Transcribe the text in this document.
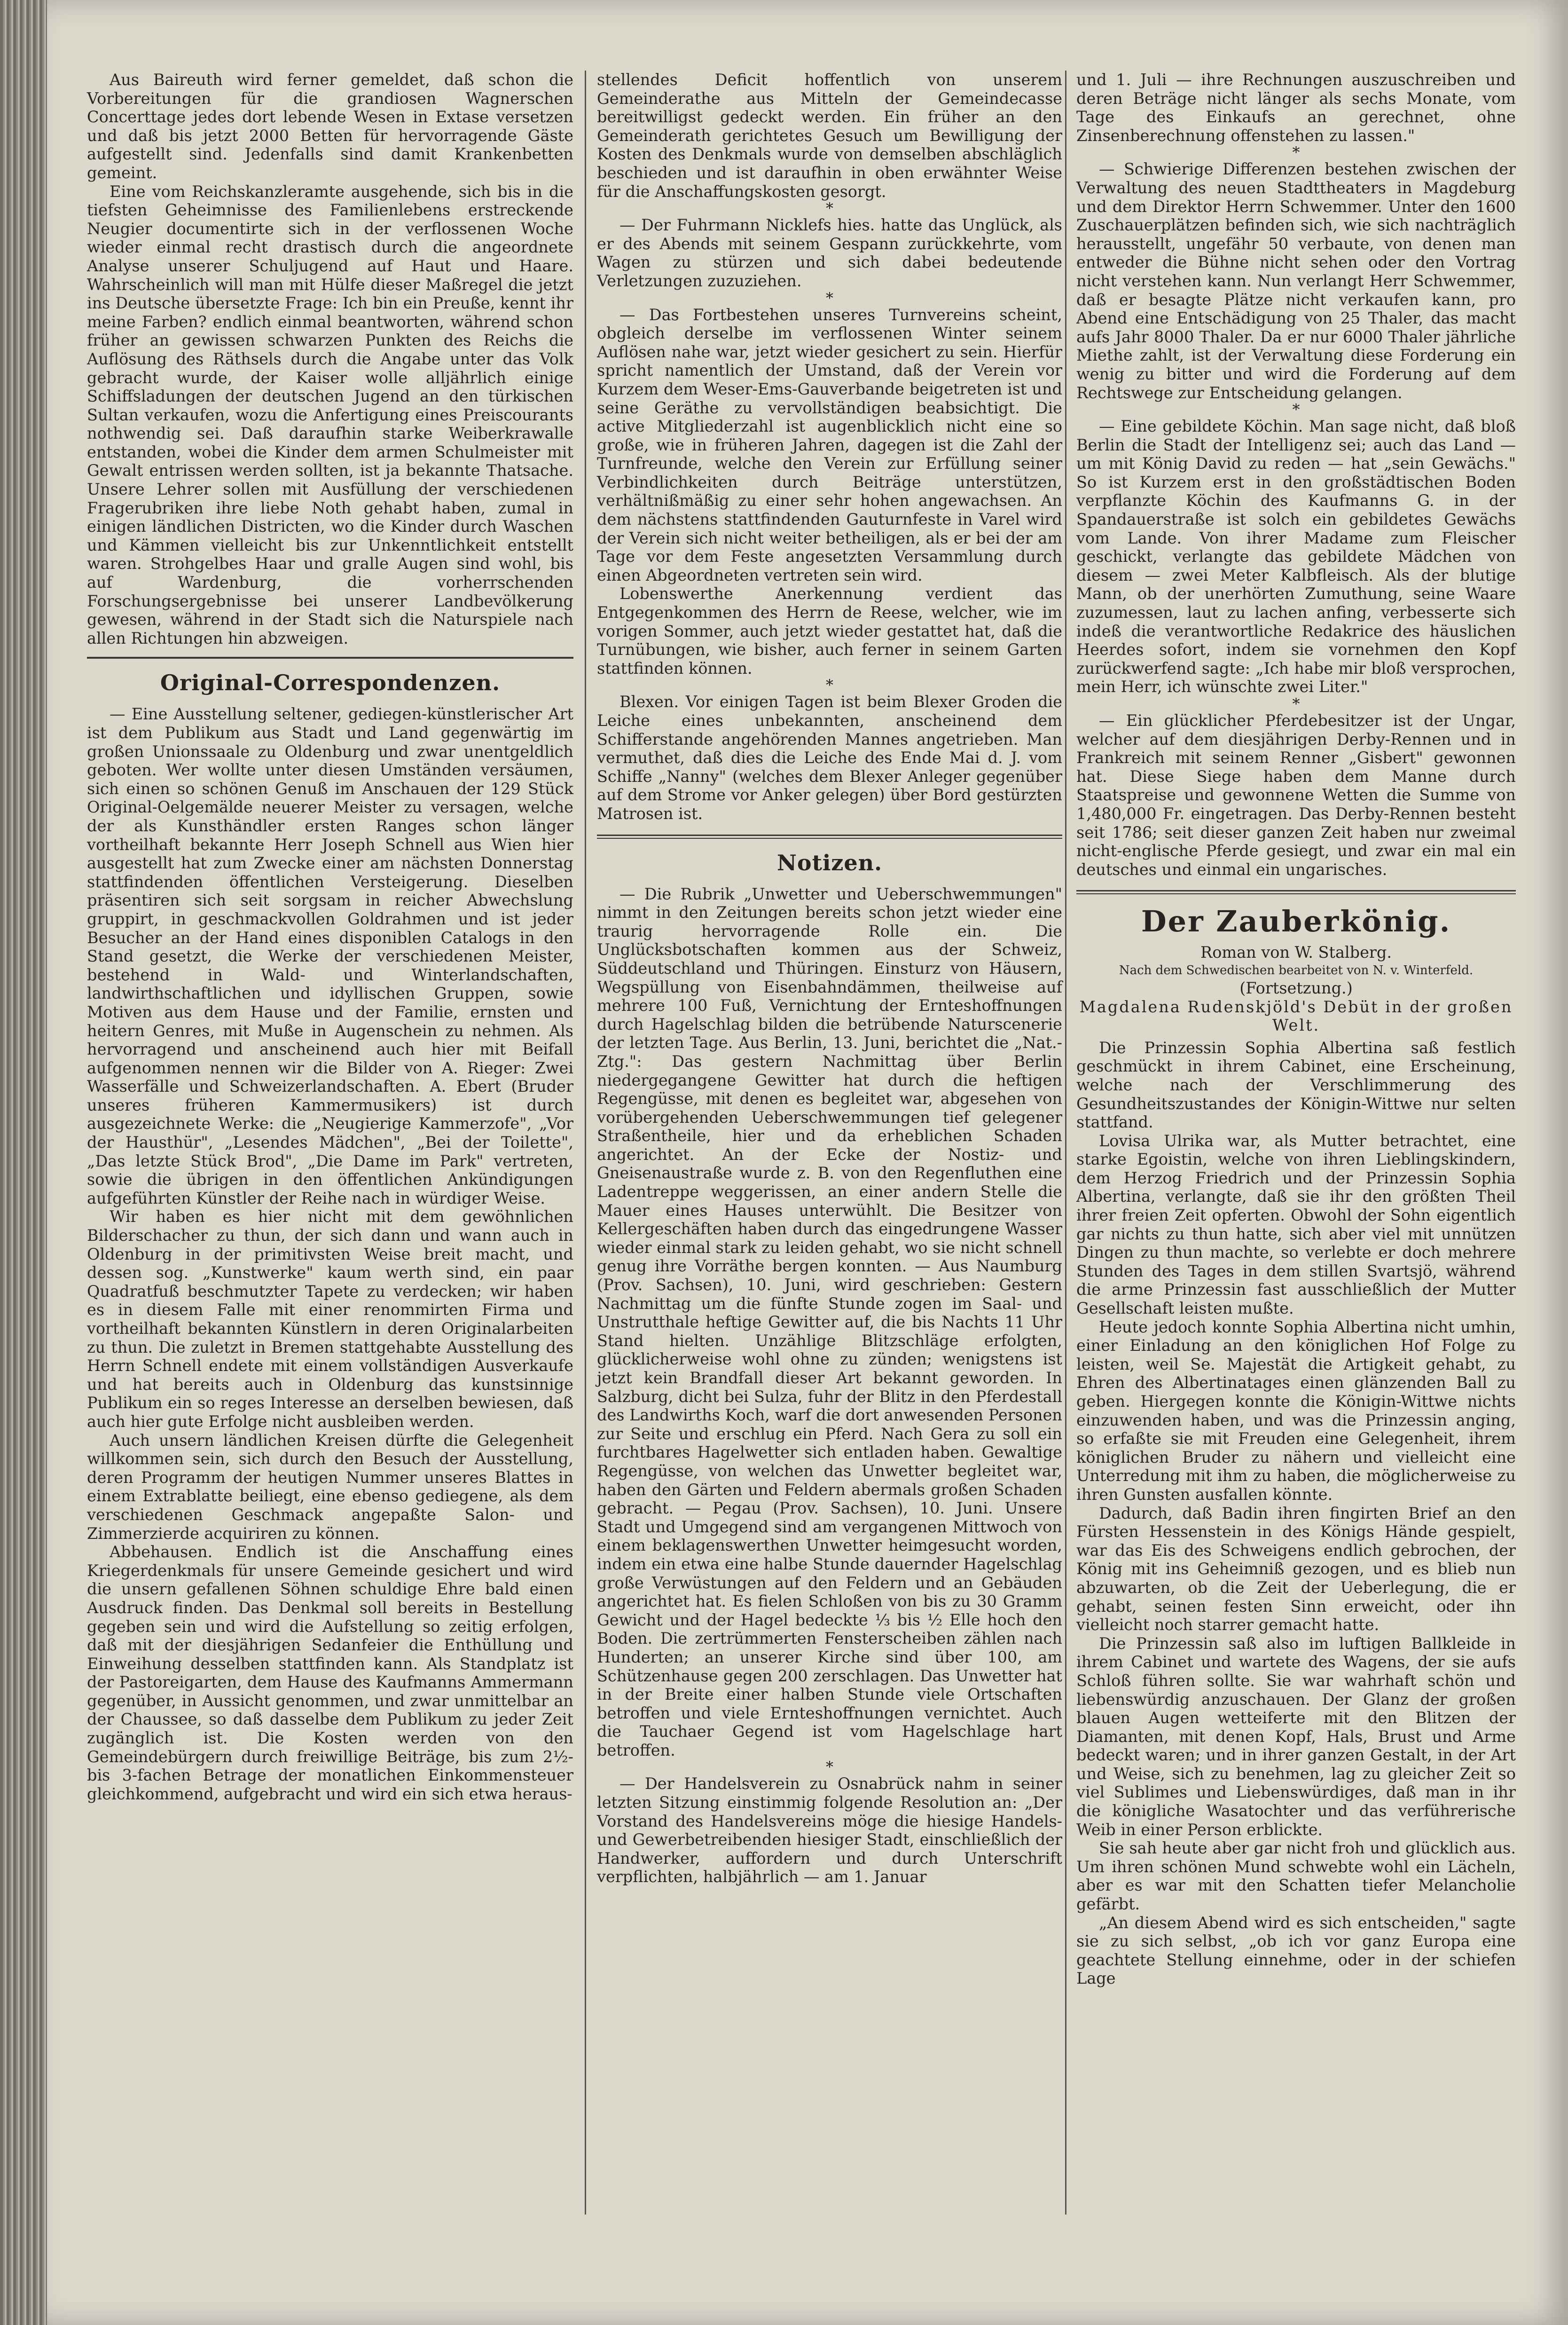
Aus Baireuth wird ferner gemeldet, daß schon die Vorbereitungen für die grandiosen Wagnerschen Concerttage jedes dort lebende Wesen in Extase versetzen und daß bis jetzt 2000 Betten für hervorragende Gäste aufgestellt sind. Jedenfalls sind damit Krankenbetten gemeint.

Eine vom Reichskanzleramte ausgehende, sich bis in die tiefsten Geheimnisse des Familienlebens erstreckende Neugier documentirte sich in der verflossenen Woche wieder einmal recht drastisch durch die angeordnete Analyse unserer Schuljugend auf Haut und Haare. Wahrscheinlich will man mit Hülfe dieser Maßregel die jetzt ins Deutsche übersetzte Frage: Ich bin ein Preuße, kennt ihr meine Farben? endlich einmal beantworten, während schon früher an gewissen schwarzen Punkten des Reichs die Auflösung des Räthsels durch die Angabe unter das Volk gebracht wurde, der Kaiser wolle alljährlich einige Schiffsladungen der deutschen Jugend an den türkischen Sultan verkaufen, wozu die Anfertigung eines Preiscourants nothwendig sei. Daß daraufhin starke Weiberkrawalle entstanden, wobei die Kinder dem armen Schulmeister mit Gewalt entrissen werden sollten, ist ja bekannte Thatsache. Unsere Lehrer sollen mit Ausfüllung der verschiedenen Fragerubriken ihre liebe Noth gehabt haben, zumal in einigen ländlichen Districten, wo die Kinder durch Waschen und Kämmen vielleicht bis zur Unkenntlichkeit entstellt waren. Strohgelbes Haar und gralle Augen sind wohl, bis auf Wardenburg, die vorherrschenden Forschungsergebnisse bei unserer Landbevölkerung gewesen, während in der Stadt sich die Naturspiele nach allen Richtungen hin abzweigen.

Original-Correspondenzen.

— Eine Ausstellung seltener, gediegen-künstlerischer Art ist dem Publikum aus Stadt und Land gegenwärtig im großen Unionssaale zu Oldenburg und zwar unentgeldlich geboten. Wer wollte unter diesen Umständen versäumen, sich einen so schönen Genuß im Anschauen der 129 Stück Original-Oelgemälde neuerer Meister zu versagen, welche der als Kunsthändler ersten Ranges schon länger vortheilhaft bekannte Herr Joseph Schnell aus Wien hier ausgestellt hat zum Zwecke einer am nächsten Donnerstag stattfindenden öffentlichen Versteigerung. Dieselben präsentiren sich seit sorgsam in reicher Abwechslung gruppirt, in geschmackvollen Goldrahmen und ist jeder Besucher an der Hand eines disponiblen Catalogs in den Stand gesetzt, die Werke der verschiedenen Meister, bestehend in Wald- und Winterlandschaften, landwirthschaftlichen und idyllischen Gruppen, sowie Motiven aus dem Hause und der Familie, ernsten und heitern Genres, mit Muße in Augenschein zu nehmen. Als hervorragend und anscheinend auch hier mit Beifall aufgenommen nennen wir die Bilder von A. Rieger: Zwei Wasserfälle und Schweizerlandschaften. A. Ebert (Bruder unseres früheren Kammermusikers) ist durch ausgezeichnete Werke: die „Neugierige Kammerzofe", „Vor der Hausthür", „Lesendes Mädchen", „Bei der Toilette", „Das letzte Stück Brod", „Die Dame im Park" vertreten, sowie die übrigen in den öffentlichen Ankündigungen aufgeführten Künstler der Reihe nach in würdiger Weise.

Wir haben es hier nicht mit dem gewöhnlichen Bilderschacher zu thun, der sich dann und wann auch in Oldenburg in der primitivsten Weise breit macht, und dessen sog. „Kunstwerke" kaum werth sind, ein paar Quadratfuß beschmutzter Tapete zu verdecken; wir haben es in diesem Falle mit einer renommirten Firma und vortheilhaft bekannten Künstlern in deren Originalarbeiten zu thun. Die zuletzt in Bremen stattgehabte Ausstellung des Herrn Schnell endete mit einem vollständigen Ausverkaufe und hat bereits auch in Oldenburg das kunstsinnige Publikum ein so reges Interesse an derselben bewiesen, daß auch hier gute Erfolge nicht ausbleiben werden.

Auch unsern ländlichen Kreisen dürfte die Gelegenheit willkommen sein, sich durch den Besuch der Ausstellung, deren Programm der heutigen Nummer unseres Blattes in einem Extrablatte beiliegt, eine ebenso gediegene, als dem verschiedenen Geschmack angepaßte Salon- und Zimmerzierde acquiriren zu können.

Abbehausen. Endlich ist die Anschaffung eines Kriegerdenkmals für unsere Gemeinde gesichert und wird die unsern gefallenen Söhnen schuldige Ehre bald einen Ausdruck finden. Das Denkmal soll bereits in Bestellung gegeben sein und wird die Aufstellung so zeitig erfolgen, daß mit der diesjährigen Sedanfeier die Enthüllung und Einweihung desselben stattfinden kann. Als Standplatz ist der Pastoreigarten, dem Hause des Kaufmanns Ammermann gegenüber, in Aussicht genommen, und zwar unmittelbar an der Chaussee, so daß dasselbe dem Publikum zu jeder Zeit zugänglich ist. Die Kosten werden von den Gemeindebürgern durch freiwillige Beiträge, bis zum 2½- bis 3-fachen Betrage der monatlichen Einkommensteuer gleichkommend, aufgebracht und wird ein sich etwa heraus-

stellendes Deficit hoffentlich von unserem Gemeinderathe aus Mitteln der Gemeindecasse bereitwilligst gedeckt werden. Ein früher an den Gemeinderath gerichtetes Gesuch um Bewilligung der Kosten des Denkmals wurde von demselben abschläglich beschieden und ist daraufhin in oben erwähnter Weise für die Anschaffungskosten gesorgt.

*

— Der Fuhrmann Nicklefs hies. hatte das Unglück, als er des Abends mit seinem Gespann zurückkehrte, vom Wagen zu stürzen und sich dabei bedeutende Verletzungen zuzuziehen.

*

— Das Fortbestehen unseres Turnvereins scheint, obgleich derselbe im verflossenen Winter seinem Auflösen nahe war, jetzt wieder gesichert zu sein. Hierfür spricht namentlich der Umstand, daß der Verein vor Kurzem dem Weser-Ems-Gauverbande beigetreten ist und seine Geräthe zu vervollständigen beabsichtigt. Die active Mitgliederzahl ist augenblicklich nicht eine so große, wie in früheren Jahren, dagegen ist die Zahl der Turnfreunde, welche den Verein zur Erfüllung seiner Verbindlichkeiten durch Beiträge unterstützen, verhältnißmäßig zu einer sehr hohen angewachsen. An dem nächstens stattfindenden Gauturnfeste in Varel wird der Verein sich nicht weiter betheiligen, als er bei der am Tage vor dem Feste angesetzten Versammlung durch einen Abgeordneten vertreten sein wird.

Lobenswerthe Anerkennung verdient das Entgegenkommen des Herrn de Reese, welcher, wie im vorigen Sommer, auch jetzt wieder gestattet hat, daß die Turnübungen, wie bisher, auch ferner in seinem Garten stattfinden können.

*

Blexen. Vor einigen Tagen ist beim Blexer Groden die Leiche eines unbekannten, anscheinend dem Schifferstande angehörenden Mannes angetrieben. Man vermuthet, daß dies die Leiche des Ende Mai d. J. vom Schiffe „Nanny" (welches dem Blexer Anleger gegenüber auf dem Strome vor Anker gelegen) über Bord gestürzten Matrosen ist.

Notizen.

— Die Rubrik „Unwetter und Ueberschwemmungen" nimmt in den Zeitungen bereits schon jetzt wieder eine traurig hervorragende Rolle ein. Die Unglücksbotschaften kommen aus der Schweiz, Süddeutschland und Thüringen. Einsturz von Häusern, Wegspüllung von Eisenbahndämmen, theilweise auf mehrere 100 Fuß, Vernichtung der Ernteshoffnungen durch Hagelschlag bilden die betrübende Naturscenerie der letzten Tage. Aus Berlin, 13. Juni, berichtet die „Nat.-Ztg.": Das gestern Nachmittag über Berlin niedergegangene Gewitter hat durch die heftigen Regengüsse, mit denen es begleitet war, abgesehen von vorübergehenden Ueberschwemmungen tief gelegener Straßentheile, hier und da erheblichen Schaden angerichtet. An der Ecke der Nostiz- und Gneisenaustraße wurde z. B. von den Regenfluthen eine Ladentreppe weggerissen, an einer andern Stelle die Mauer eines Hauses unterwühlt. Die Besitzer von Kellergeschäften haben durch das eingedrungene Wasser wieder einmal stark zu leiden gehabt, wo sie nicht schnell genug ihre Vorräthe bergen konnten. — Aus Naumburg (Prov. Sachsen), 10. Juni, wird geschrieben: Gestern Nachmittag um die fünfte Stunde zogen im Saal- und Unstrutthale heftige Gewitter auf, die bis Nachts 11 Uhr Stand hielten. Unzählige Blitzschläge erfolgten, glücklicherweise wohl ohne zu zünden; wenigstens ist jetzt kein Brandfall dieser Art bekannt geworden. In Salzburg, dicht bei Sulza, fuhr der Blitz in den Pferdestall des Landwirths Koch, warf die dort anwesenden Personen zur Seite und erschlug ein Pferd. Nach Gera zu soll ein furchtbares Hagelwetter sich entladen haben. Gewaltige Regengüsse, von welchen das Unwetter begleitet war, haben den Gärten und Feldern abermals großen Schaden gebracht. — Pegau (Prov. Sachsen), 10. Juni. Unsere Stadt und Umgegend sind am vergangenen Mittwoch von einem beklagenswerthen Unwetter heimgesucht worden, indem ein etwa eine halbe Stunde dauernder Hagelschlag große Verwüstungen auf den Feldern und an Gebäuden angerichtet hat. Es fielen Schloßen von bis zu 30 Gramm Gewicht und der Hagel bedeckte ⅓ bis ½ Elle hoch den Boden. Die zertrümmerten Fensterscheiben zählen nach Hunderten; an unserer Kirche sind über 100, am Schützenhause gegen 200 zerschlagen. Das Unwetter hat in der Breite einer halben Stunde viele Ortschaften betroffen und viele Ernteshoffnungen vernichtet. Auch die Tauchaer Gegend ist vom Hagelschlage hart betroffen.

*

— Der Handelsverein zu Osnabrück nahm in seiner letzten Sitzung einstimmig folgende Resolution an: „Der Vorstand des Handelsvereins möge die hiesige Handels- und Gewerbetreibenden hiesiger Stadt, einschließlich der Handwerker, auffordern und durch Unterschrift verpflichten, halbjährlich — am 1. Januar

und 1. Juli — ihre Rechnungen auszuschreiben und deren Beträge nicht länger als sechs Monate, vom Tage des Einkaufs an gerechnet, ohne Zinsenberechnung offenstehen zu lassen."

*

— Schwierige Differenzen bestehen zwischen der Verwaltung des neuen Stadttheaters in Magdeburg und dem Direktor Herrn Schwemmer. Unter den 1600 Zuschauerplätzen befinden sich, wie sich nachträglich herausstellt, ungefähr 50 verbaute, von denen man entweder die Bühne nicht sehen oder den Vortrag nicht verstehen kann. Nun verlangt Herr Schwemmer, daß er besagte Plätze nicht verkaufen kann, pro Abend eine Entschädigung von 25 Thaler, das macht aufs Jahr 8000 Thaler. Da er nur 6000 Thaler jährliche Miethe zahlt, ist der Verwaltung diese Forderung ein wenig zu bitter und wird die Forderung auf dem Rechtswege zur Entscheidung gelangen.

*

— Eine gebildete Köchin. Man sage nicht, daß bloß Berlin die Stadt der Intelligenz sei; auch das Land — um mit König David zu reden — hat „sein Gewächs." So ist Kurzem erst in den großstädtischen Boden verpflanzte Köchin des Kaufmanns G. in der Spandauerstraße ist solch ein gebildetes Gewächs vom Lande. Von ihrer Madame zum Fleischer geschickt, verlangte das gebildete Mädchen von diesem — zwei Meter Kalbfleisch. Als der blutige Mann, ob der unerhörten Zumuthung, seine Waare zuzumessen, laut zu lachen anfing, verbesserte sich indeß die verantwortliche Redakrice des häuslichen Heerdes sofort, indem sie vornehmen den Kopf zurückwerfend sagte: „Ich habe mir bloß versprochen, mein Herr, ich wünschte zwei Liter."

*

— Ein glücklicher Pferdebesitzer ist der Ungar, welcher auf dem diesjährigen Derby-Rennen und in Frankreich mit seinem Renner „Gisbert" gewonnen hat. Diese Siege haben dem Manne durch Staatspreise und gewonnene Wetten die Summe von 1,480,000 Fr. eingetragen. Das Derby-Rennen besteht seit 1786; seit dieser ganzen Zeit haben nur zweimal nicht-englische Pferde gesiegt, und zwar ein mal ein deutsches und einmal ein ungarisches.

Der Zauberkönig.

Roman von W. Stalberg.

Nach dem Schwedischen bearbeitet von N. v. Winterfeld.

(Fortsetzung.)

Magdalena Rudenskjöld's Debüt in der großen Welt.

Die Prinzessin Sophia Albertina saß festlich geschmückt in ihrem Cabinet, eine Erscheinung, welche nach der Verschlimmerung des Gesundheitszustandes der Königin-Wittwe nur selten stattfand.

Lovisa Ulrika war, als Mutter betrachtet, eine starke Egoistin, welche von ihren Lieblingskindern, dem Herzog Friedrich und der Prinzessin Sophia Albertina, verlangte, daß sie ihr den größten Theil ihrer freien Zeit opferten. Obwohl der Sohn eigentlich gar nichts zu thun hatte, sich aber viel mit unnützen Dingen zu thun machte, so verlebte er doch mehrere Stunden des Tages in dem stillen Svartsjö, während die arme Prinzessin fast ausschließlich der Mutter Gesellschaft leisten mußte.

Heute jedoch konnte Sophia Albertina nicht umhin, einer Einladung an den königlichen Hof Folge zu leisten, weil Se. Majestät die Artigkeit gehabt, zu Ehren des Albertinatages einen glänzenden Ball zu geben. Hiergegen konnte die Königin-Wittwe nichts einzuwenden haben, und was die Prinzessin anging, so erfaßte sie mit Freuden eine Gelegenheit, ihrem königlichen Bruder zu nähern und vielleicht eine Unterredung mit ihm zu haben, die möglicherweise zu ihren Gunsten ausfallen könnte.

Dadurch, daß Badin ihren fingirten Brief an den Fürsten Hessenstein in des Königs Hände gespielt, war das Eis des Schweigens endlich gebrochen, der König mit ins Geheimniß gezogen, und es blieb nun abzuwarten, ob die Zeit der Ueberlegung, die er gehabt, seinen festen Sinn erweicht, oder ihn vielleicht noch starrer gemacht hatte.

Die Prinzessin saß also im luftigen Ballkleide in ihrem Cabinet und wartete des Wagens, der sie aufs Schloß führen sollte. Sie war wahrhaft schön und liebenswürdig anzuschauen. Der Glanz der großen blauen Augen wetteiferte mit den Blitzen der Diamanten, mit denen Kopf, Hals, Brust und Arme bedeckt waren; und in ihrer ganzen Gestalt, in der Art und Weise, sich zu benehmen, lag zu gleicher Zeit so viel Sublimes und Liebenswürdiges, daß man in ihr die königliche Wasatochter und das verführerische Weib in einer Person erblickte.

Sie sah heute aber gar nicht froh und glücklich aus. Um ihren schönen Mund schwebte wohl ein Lächeln, aber es war mit den Schatten tiefer Melancholie gefärbt.

„An diesem Abend wird es sich entscheiden," sagte sie zu sich selbst, „ob ich vor ganz Europa eine geachtete Stellung einnehme, oder in der schiefen Lage
